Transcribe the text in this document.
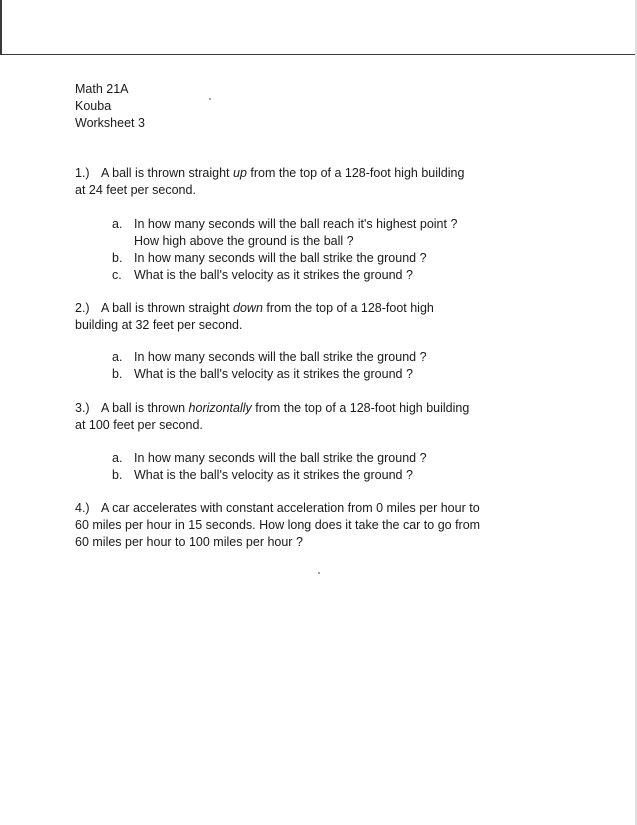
Math 21A
Kouba
Worksheet 3
1.) A ball is thrown straight up from the top of a 128-foot high building
at 24 feet per second.
a. In how many seconds will the ball reach it's highest point ?
How high above the ground is the ball ?
b. In how many seconds will the ball strike the ground ?
c. What is the ball's velocity as it strikes the ground ?
2.) A ball is thrown straight down from the top of a 128-foot high
building at 32 feet per second.
a. In how many seconds will the ball strike the ground ?
b. What is the ball's velocity as it strikes the ground ?
3.) A ball is thrown horizontally from the top of a 128-foot high building
at 100 feet per second.
a. In how many seconds will the ball strike the ground ?
b. What is the ball's velocity as it strikes the ground ?
4.) A car accelerates with constant acceleration from 0 miles per hour to
60 miles per hour in 15 seconds. How long does it take the car to go from
60 miles per hour to 100 miles per hour ?
